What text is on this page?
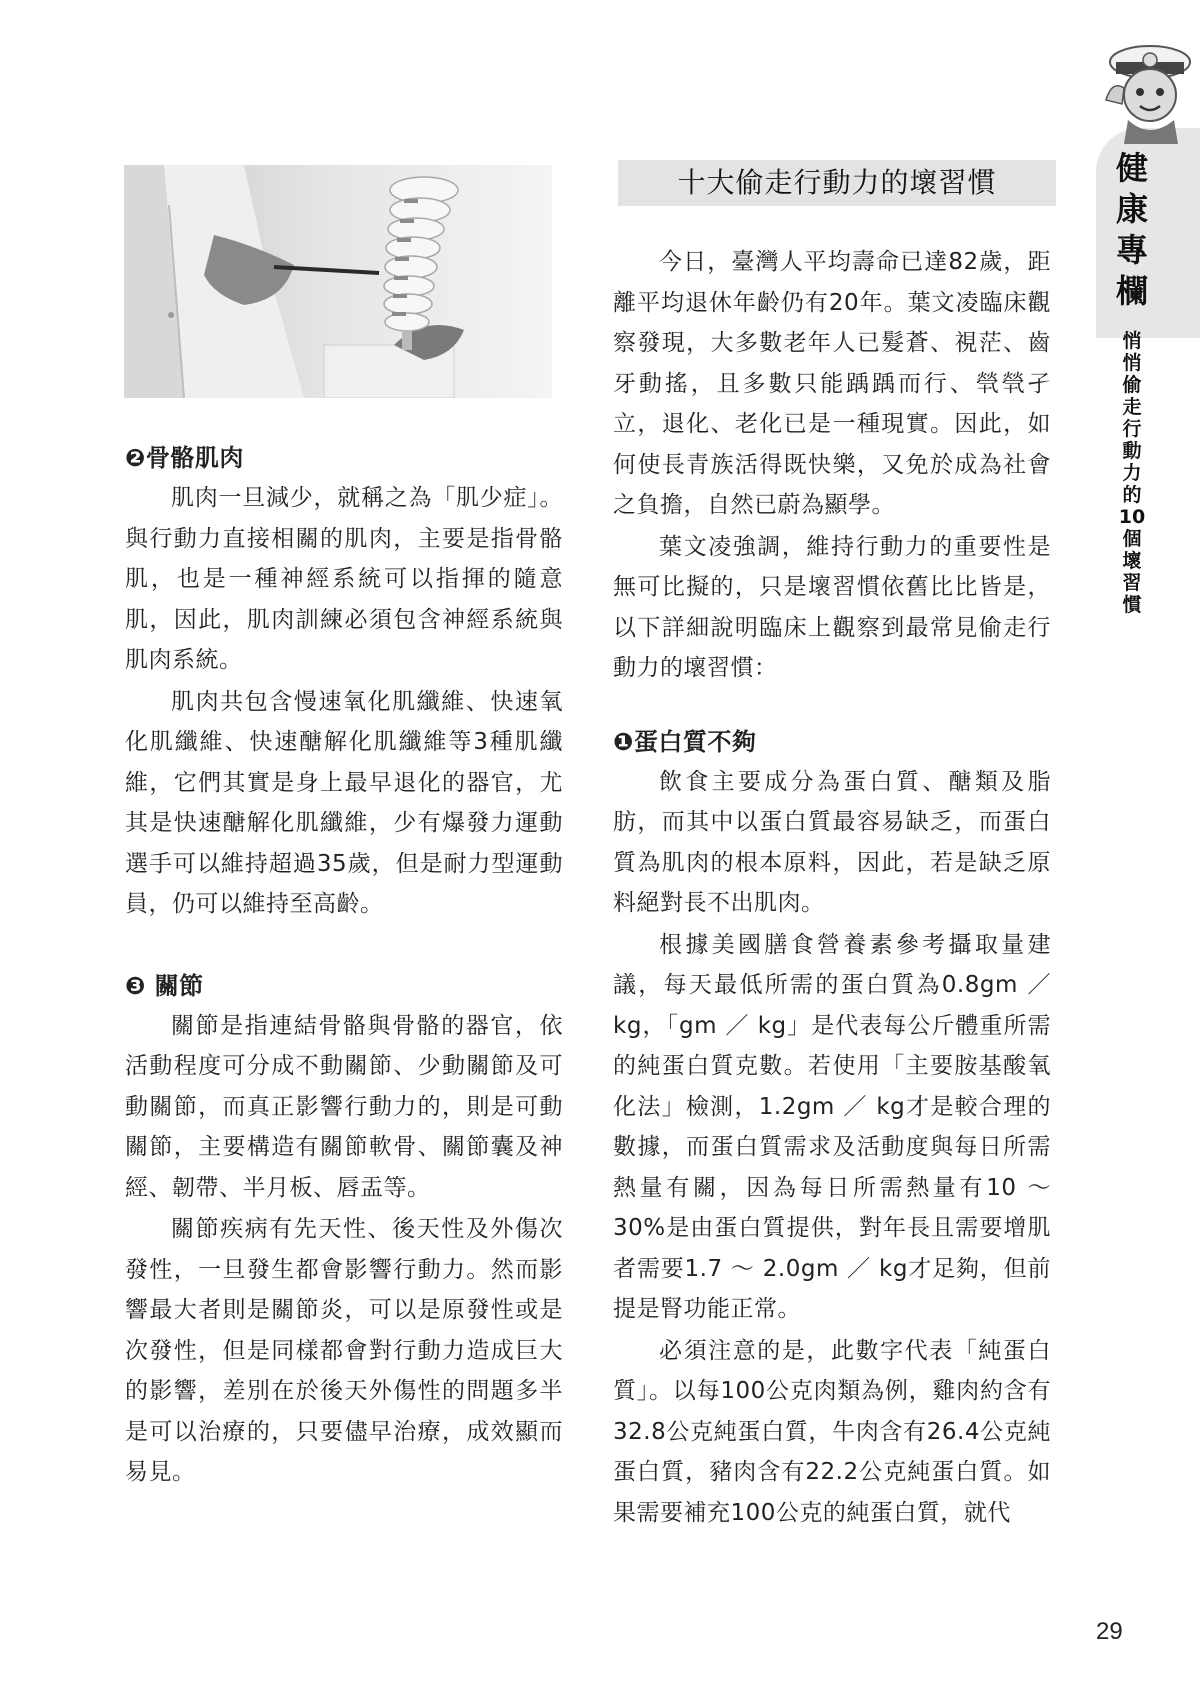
❷骨骼肌肉

肌肉一旦減少，就稱之為「肌少症」。與行動力直接相關的肌肉，主要是指骨骼肌，也是一種神經系統可以指揮的隨意肌，因此，肌肉訓練必須包含神經系統與肌肉系統。

肌肉共包含慢速氧化肌纖維、快速氧化肌纖維、快速醣解化肌纖維等3種肌纖維，它們其實是身上最早退化的器官，尤其是快速醣解化肌纖維，少有爆發力運動選手可以維持超過35歲，但是耐力型運動員，仍可以維持至高齡。

❸ 關節

關節是指連結骨骼與骨骼的器官，依活動程度可分成不動關節、少動關節及可動關節，而真正影響行動力的，則是可動關節，主要構造有關節軟骨、關節囊及神經、韌帶、半月板、唇盂等。

關節疾病有先天性、後天性及外傷次發性，一旦發生都會影響行動力。然而影響最大者則是關節炎，可以是原發性或是次發性，但是同樣都會對行動力造成巨大的影響，差別在於後天外傷性的問題多半是可以治療的，只要儘早治療，成效顯而易見。

十大偷走行動力的壞習慣

今日，臺灣人平均壽命已達82歲，距離平均退休年齡仍有20年。葉文凌臨床觀察發現，大多數老年人已髮蒼、視茫、齒牙動搖，且多數只能踽踽而行、煢煢孑立，退化、老化已是一種現實。因此，如何使長青族活得既快樂，又免於成為社會之負擔，自然已蔚為顯學。

葉文凌強調，維持行動力的重要性是無可比擬的，只是壞習慣依舊比比皆是，以下詳細說明臨床上觀察到最常見偷走行動力的壞習慣：

❶蛋白質不夠

飲食主要成分為蛋白質、醣類及脂肪，而其中以蛋白質最容易缺乏，而蛋白質為肌肉的根本原料，因此，若是缺乏原料絕對長不出肌肉。

根據美國膳食營養素參考攝取量建議，每天最低所需的蛋白質為0.8gm ／ kg，「gm ／ kg」是代表每公斤體重所需的純蛋白質克數。若使用「主要胺基酸氧化法」檢測，1.2gm ／ kg才是較合理的數據，而蛋白質需求及活動度與每日所需熱量有關，因為每日所需熱量有10 ～ 30%是由蛋白質提供，對年長且需要增肌者需要1.7 ～ 2.0gm ／ kg才足夠，但前提是腎功能正常。

必須注意的是，此數字代表「純蛋白質」。以每100公克肉類為例，雞肉約含有32.8公克純蛋白質，牛肉含有26.4公克純蛋白質，豬肉含有22.2公克純蛋白質。如果需要補充100公克的純蛋白質，就代

健康專欄
悄
悄
偷
走
行
動
力
的
10
個
壞
習
慣
29
